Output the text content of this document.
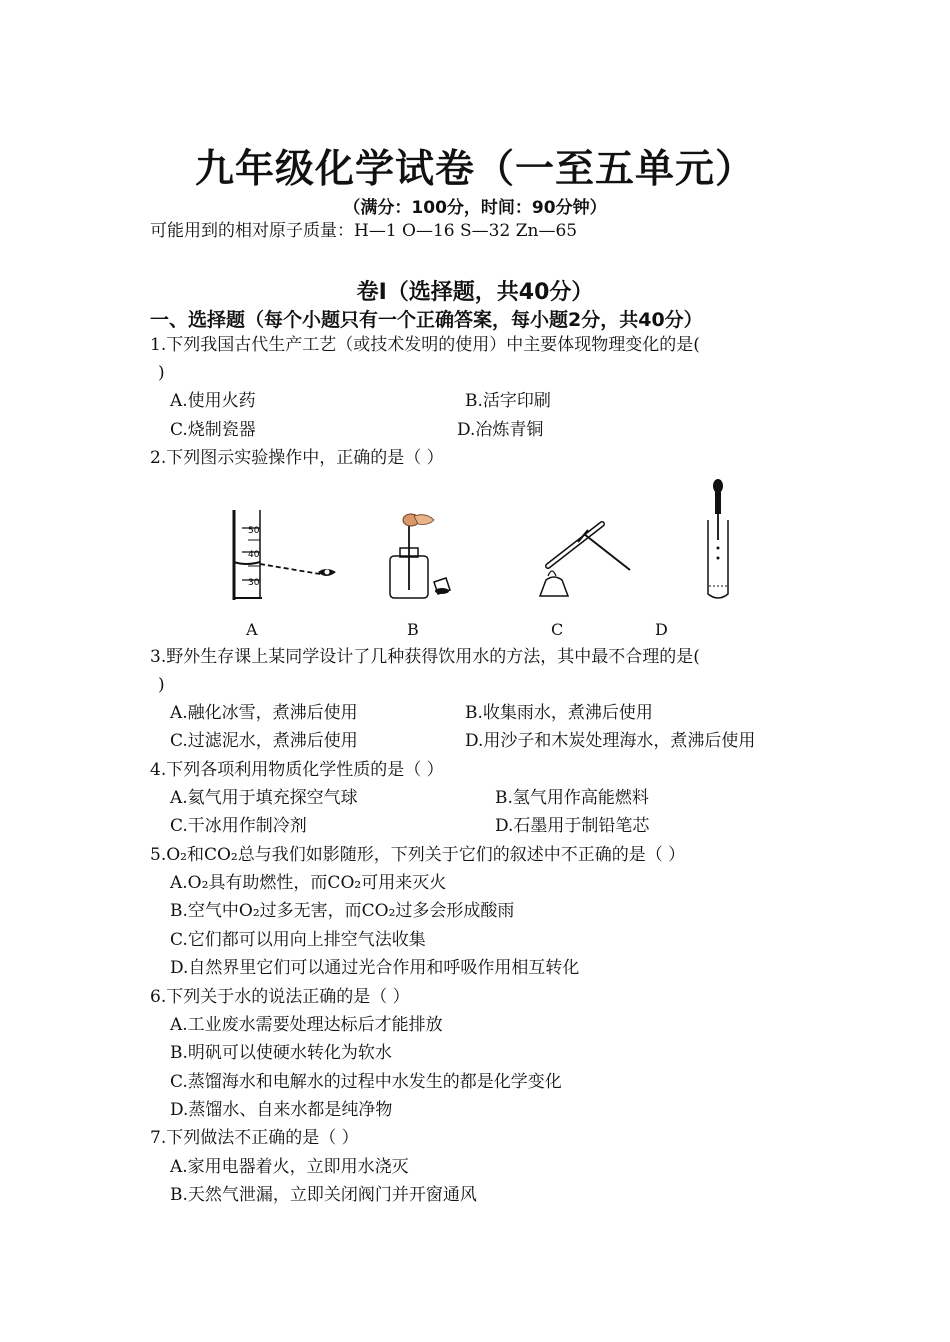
九年级化学试卷（一至五单元）
（满分：100分，时间：90分钟）
可能用到的相对原子质量：H—1 O—16 S—32 Zn—65
卷Ⅰ（选择题，共40分）
一、选择题（每个小题只有一个正确答案，每小题2分，共40分）
1.下列我国古代生产工艺（或技术发明的使用）中主要体现物理变化的是(
)
A.使用火药	B.活字印刷
C.烧制瓷器	D.冶炼青铜
2.下列图示实验操作中，正确的是（ ）
50
40
30
A	B	C	D
3.野外生存课上某同学设计了几种获得饮用水的方法，其中最不合理的是(
)
A.融化冰雪，煮沸后使用	B.收集雨水，煮沸后使用
C.过滤泥水，煮沸后使用	D.用沙子和木炭处理海水，煮沸后使用
4.下列各项利用物质化学性质的是（ ）
A.氦气用于填充探空气球	B.氢气用作高能燃料
C.干冰用作制冷剂	D.石墨用于制铅笔芯
5.O₂和CO₂总与我们如影随形，下列关于它们的叙述中不正确的是（ ）
A.O₂具有助燃性，而CO₂可用来灭火
B.空气中O₂过多无害，而CO₂过多会形成酸雨
C.它们都可以用向上排空气法收集
D.自然界里它们可以通过光合作用和呼吸作用相互转化
6.下列关于水的说法正确的是（ ）
A.工业废水需要处理达标后才能排放
B.明矾可以使硬水转化为软水
C.蒸馏海水和电解水的过程中水发生的都是化学变化
D.蒸馏水、自来水都是纯净物
7.下列做法不正确的是（ ）
A.家用电器着火，立即用水浇灭
B.天然气泄漏，立即关闭阀门并开窗通风
